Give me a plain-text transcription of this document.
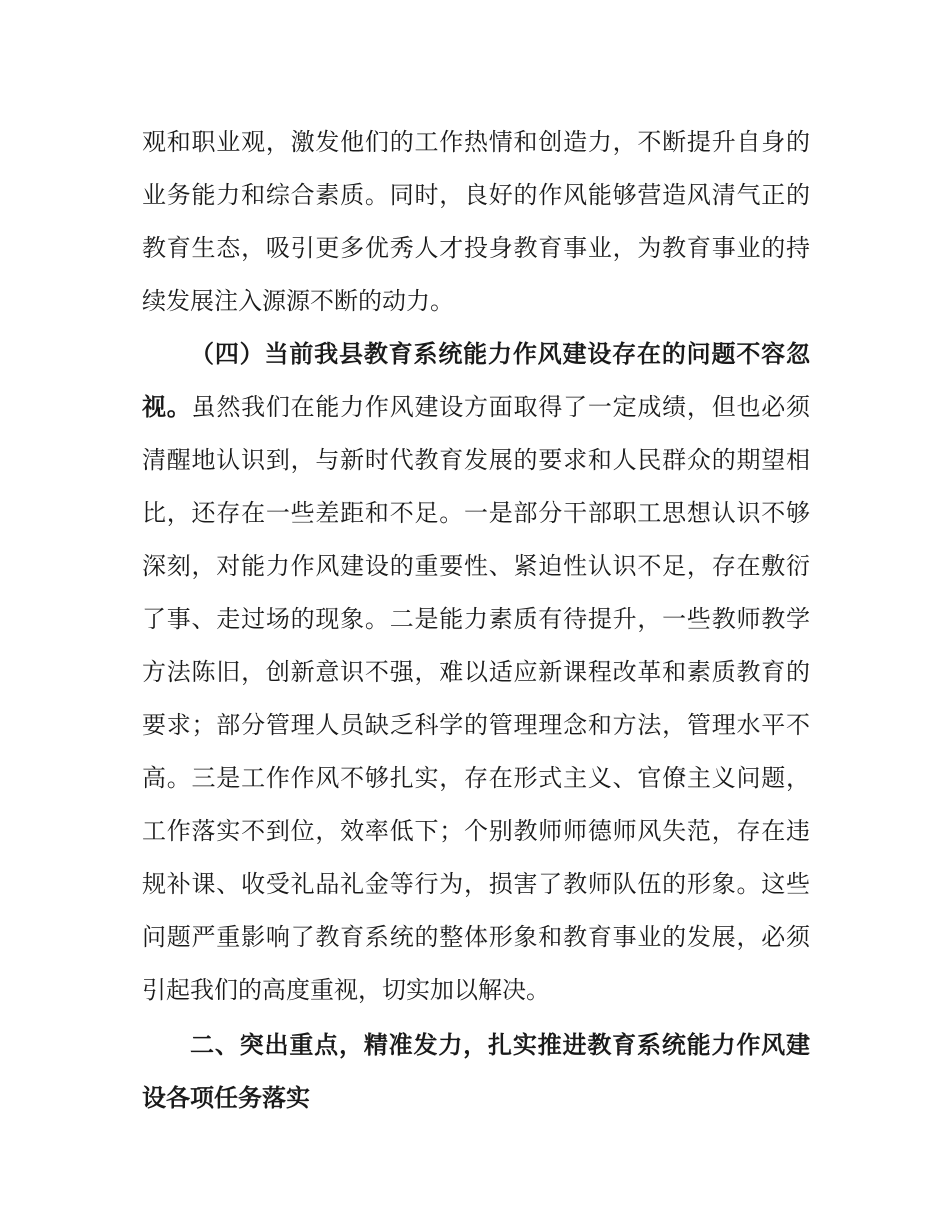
观和职业观，激发他们的工作热情和创造力，不断提升自身的
业务能力和综合素质。同时，良好的作风能够营造风清气正的
教育生态，吸引更多优秀人才投身教育事业，为教育事业的持
续发展注入源源不断的动力。
（四）当前我县教育系统能力作风建设存在的问题不容忽
视。虽然我们在能力作风建设方面取得了一定成绩，但也必须
清醒地认识到，与新时代教育发展的要求和人民群众的期望相
比，还存在一些差距和不足。一是部分干部职工思想认识不够
深刻，对能力作风建设的重要性、紧迫性认识不足，存在敷衍
了事、走过场的现象。二是能力素质有待提升，一些教师教学
方法陈旧，创新意识不强，难以适应新课程改革和素质教育的
要求；部分管理人员缺乏科学的管理理念和方法，管理水平不
高。三是工作作风不够扎实，存在形式主义、官僚主义问题，
工作落实不到位，效率低下；个别教师师德师风失范，存在违
规补课、收受礼品礼金等行为，损害了教师队伍的形象。这些
问题严重影响了教育系统的整体形象和教育事业的发展，必须
引起我们的高度重视，切实加以解决。
二、突出重点，精准发力，扎实推进教育系统能力作风建
设各项任务落实
